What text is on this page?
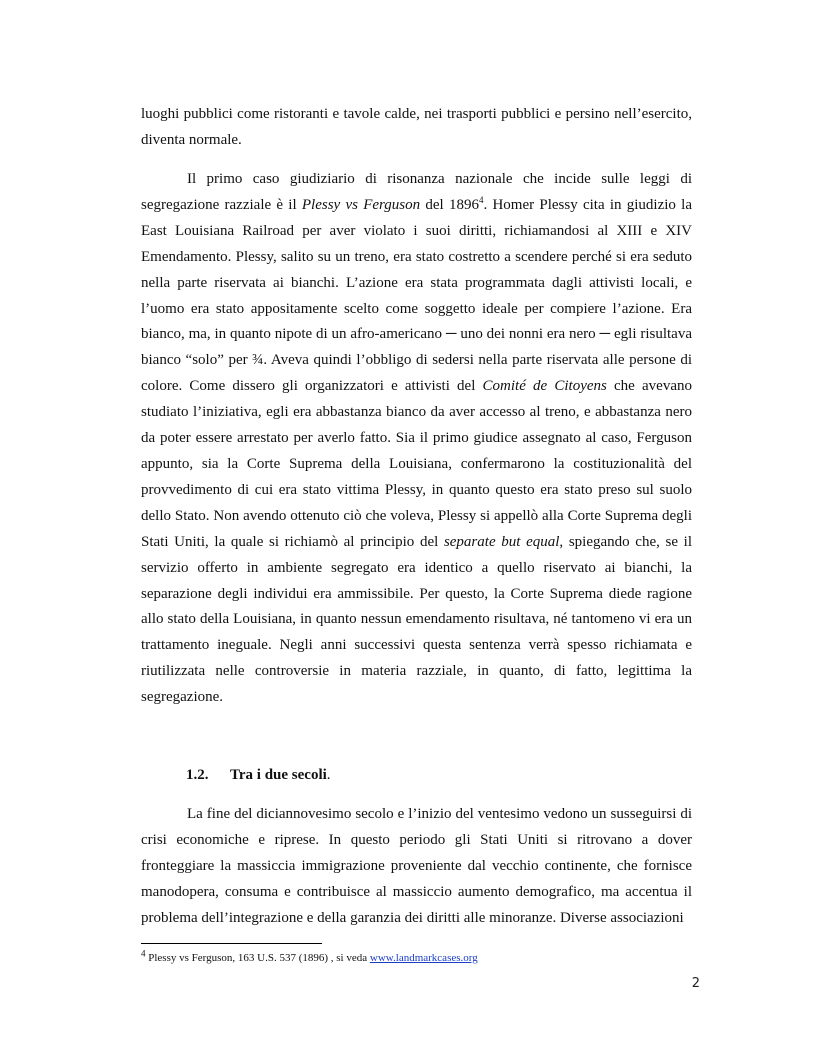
luoghi pubblici come ristoranti e tavole calde, nei trasporti pubblici e persino nell’esercito, diventa normale.

Il primo caso giudiziario di risonanza nazionale che incide sulle leggi di segregazione razziale è il Plessy vs Ferguson del 1896$^4$. Homer Plessy cita in giudizio la East Louisiana Railroad per aver violato i suoi diritti, richiamandosi al XIII e XIV Emendamento. Plessy, salito su un treno, era stato costretto a scendere perché si era seduto nella parte riservata ai bianchi. L’azione era stata programmata dagli attivisti locali, e l’uomo era stato appositamente scelto come soggetto ideale per compiere l’azione. Era bianco, ma, in quanto nipote di un afro-americano ─ uno dei nonni era nero ─ egli risultava bianco “solo” per ¾. Aveva quindi l’obbligo di sedersi nella parte riservata alle persone di colore. Come dissero gli organizzatori e attivisti del Comité de Citoyens che avevano studiato l’iniziativa, egli era abbastanza bianco da aver accesso al treno, e abbastanza nero da poter essere arrestato per averlo fatto. Sia il primo giudice assegnato al caso, Ferguson appunto, sia la Corte Suprema della Louisiana, confermarono la costituzionalità del provvedimento di cui era stato vittima Plessy, in quanto questo era stato preso sul suolo dello Stato. Non avendo ottenuto ciò che voleva, Plessy si appellò alla Corte Suprema degli Stati Uniti, la quale si richiamò al principio del separate but equal, spiegando che, se il servizio offerto in ambiente segregato era identico a quello riservato ai bianchi, la separazione degli individui era ammissibile. Per questo, la Corte Suprema diede ragione allo stato della Louisiana, in quanto nessun emendamento risultava, né tantomeno vi era un trattamento ineguale. Negli anni successivi questa sentenza verrà spesso richiamata e riutilizzata nelle controversie in materia razziale, in quanto, di fatto, legittima la segregazione.

1.2. Tra i due secoli.

La fine del diciannovesimo secolo e l’inizio del ventesimo vedono un susseguirsi di crisi economiche e riprese. In questo periodo gli Stati Uniti si ritrovano a dover fronteggiare la massiccia immigrazione proveniente dal vecchio continente, che fornisce manodopera, consuma e contribuisce al massiccio aumento demografico, ma accentua il problema dell’integrazione e della garanzia dei diritti alle minoranze. Diverse associazioni

$^4$ Plessy vs Ferguson, 163 U.S. 537 (1896) , si veda www.landmarkcases.org
2
